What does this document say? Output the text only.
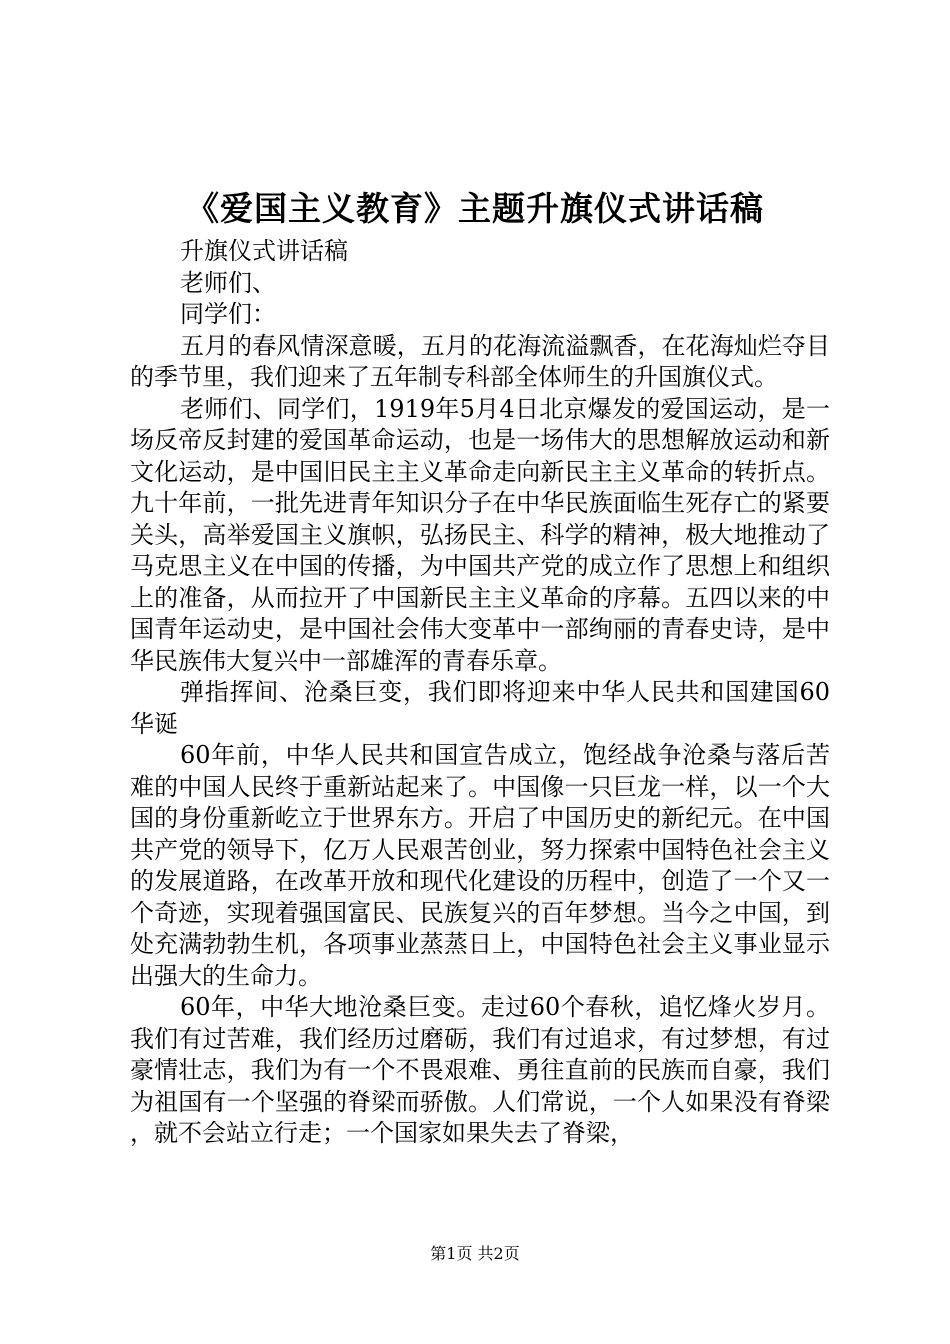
《爱国主义教育》主题升旗仪式讲话稿

升旗仪式讲话稿

老师们、

同学们：

五月的春风情深意暖，五月的花海流溢飘香，在花海灿烂夺目的季节里，我们迎来了五年制专科部全体师生的升国旗仪式。

老师们、同学们，1919年5月4日北京爆发的爱国运动，是一场反帝反封建的爱国革命运动，也是一场伟大的思想解放运动和新文化运动，是中国旧民主主义革命走向新民主主义革命的转折点。九十年前，一批先进青年知识分子在中华民族面临生死存亡的紧要关头，高举爱国主义旗帜，弘扬民主、科学的精神，极大地推动了马克思主义在中国的传播，为中国共产党的成立作了思想上和组织上的准备，从而拉开了中国新民主主义革命的序幕。五四以来的中国青年运动史，是中国社会伟大变革中一部绚丽的青春史诗，是中华民族伟大复兴中一部雄浑的青春乐章。

弹指挥间、沧桑巨变，我们即将迎来中华人民共和国建国60华诞

60年前，中华人民共和国宣告成立，饱经战争沧桑与落后苦难的中国人民终于重新站起来了。中国像一只巨龙一样，以一个大国的身份重新屹立于世界东方。开启了中国历史的新纪元。在中国共产党的领导下，亿万人民艰苦创业，努力探索中国特色社会主义的发展道路，在改革开放和现代化建设的历程中，创造了一个又一个奇迹，实现着强国富民、民族复兴的百年梦想。当今之中国，到处充满勃勃生机，各项事业蒸蒸日上，中国特色社会主义事业显示出强大的生命力。

60年，中华大地沧桑巨变。走过60个春秋，追忆烽火岁月。我们有过苦难，我们经历过磨砺，我们有过追求，有过梦想，有过豪情壮志，我们为有一个不畏艰难、勇往直前的民族而自豪，我们为祖国有一个坚强的脊梁而骄傲。人们常说，一个人如果没有脊梁，就不会站立行走；一个国家如果失去了脊梁，

第1页 共2页
